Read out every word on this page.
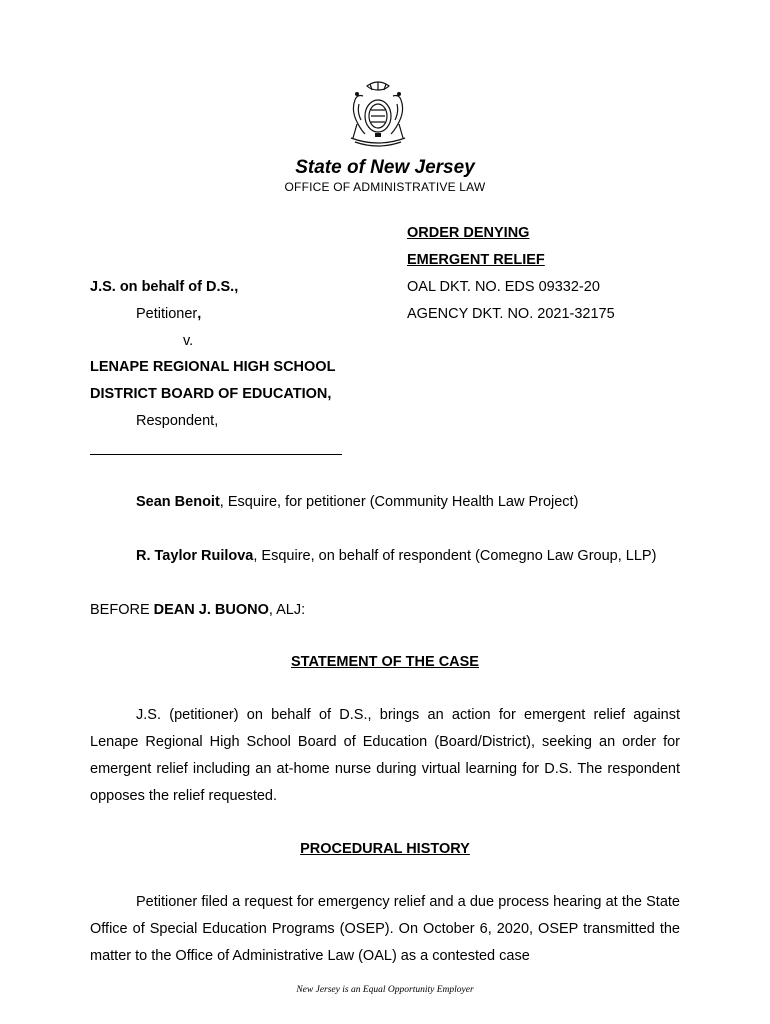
State of New Jersey
OFFICE OF ADMINISTRATIVE LAW
ORDER DENYING
EMERGENT RELIEF
OAL DKT. NO. EDS 09332-20
AGENCY DKT. NO. 2021-32175
J.S. on behalf of D.S.,
Petitioner,
v.
LENAPE REGIONAL HIGH SCHOOL
DISTRICT BOARD OF EDUCATION,
Respondent,
Sean Benoit, Esquire, for petitioner (Community Health Law Project)
R. Taylor Ruilova, Esquire, on behalf of respondent (Comegno Law Group, LLP)
BEFORE DEAN J. BUONO, ALJ:
STATEMENT OF THE CASE
J.S. (petitioner) on behalf of D.S., brings an action for emergent relief against Lenape Regional High School Board of Education (Board/District), seeking an order for emergent relief including an at-home nurse during virtual learning for D.S. The respondent opposes the relief requested.
PROCEDURAL HISTORY
Petitioner filed a request for emergency relief and a due process hearing at the State Office of Special Education Programs (OSEP). On October 6, 2020, OSEP transmitted the matter to the Office of Administrative Law (OAL) as a contested case
New Jersey is an Equal Opportunity Employer
